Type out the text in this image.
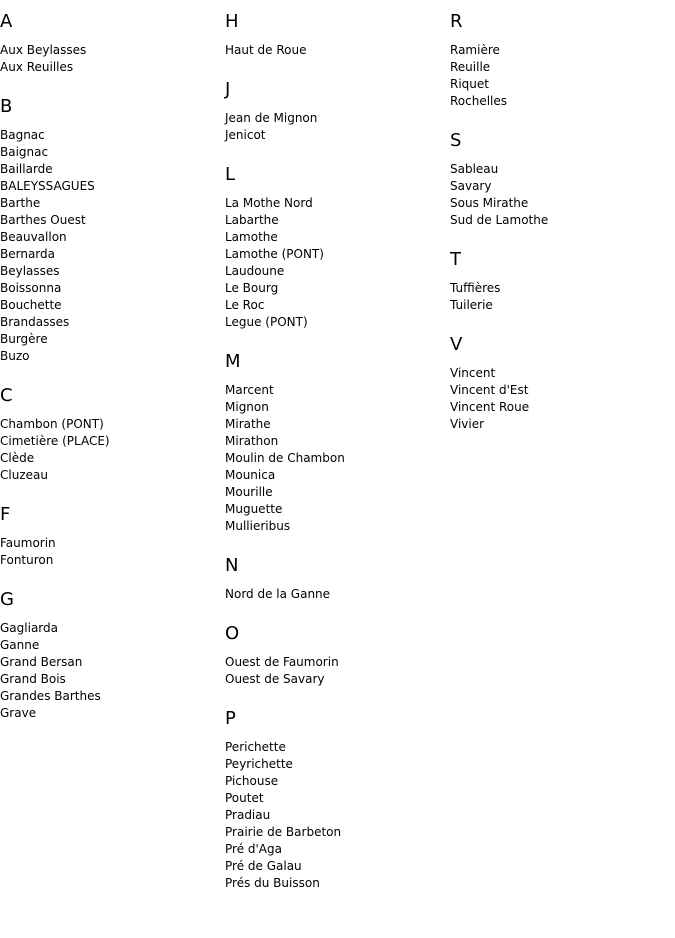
A
Aux Beylasses
Aux Reuilles
B
Bagnac
Baignac
Baillarde
BALEYSSAGUES
Barthe
Barthes Ouest
Beauvallon
Bernarda
Beylasses
Boissonna
Bouchette
Brandasses
Burgère
Buzo
C
Chambon (PONT)
Cimetière (PLACE)
Clède
Cluzeau
F
Faumorin
Fonturon
G
Gagliarda
Ganne
Grand Bersan
Grand Bois
Grandes Barthes
Grave
H
Haut de Roue
J
Jean de Mignon
Jenicot
L
La Mothe Nord
Labarthe
Lamothe
Lamothe (PONT)
Laudoune
Le Bourg
Le Roc
Legue (PONT)
M
Marcent
Mignon
Mirathe
Mirathon
Moulin de Chambon
Mounica
Mourille
Muguette
Mullieribus
N
Nord de la Ganne
O
Ouest de Faumorin
Ouest de Savary
P
Perichette
Peyrichette
Pichouse
Poutet
Pradiau
Prairie de Barbeton
Pré d'Aga
Pré de Galau
Prés du Buisson
R
Ramière
Reuille
Riquet
Rochelles
S
Sableau
Savary
Sous Mirathe
Sud de Lamothe
T
Tuffières
Tuilerie
V
Vincent
Vincent d'Est
Vincent Roue
Vivier
